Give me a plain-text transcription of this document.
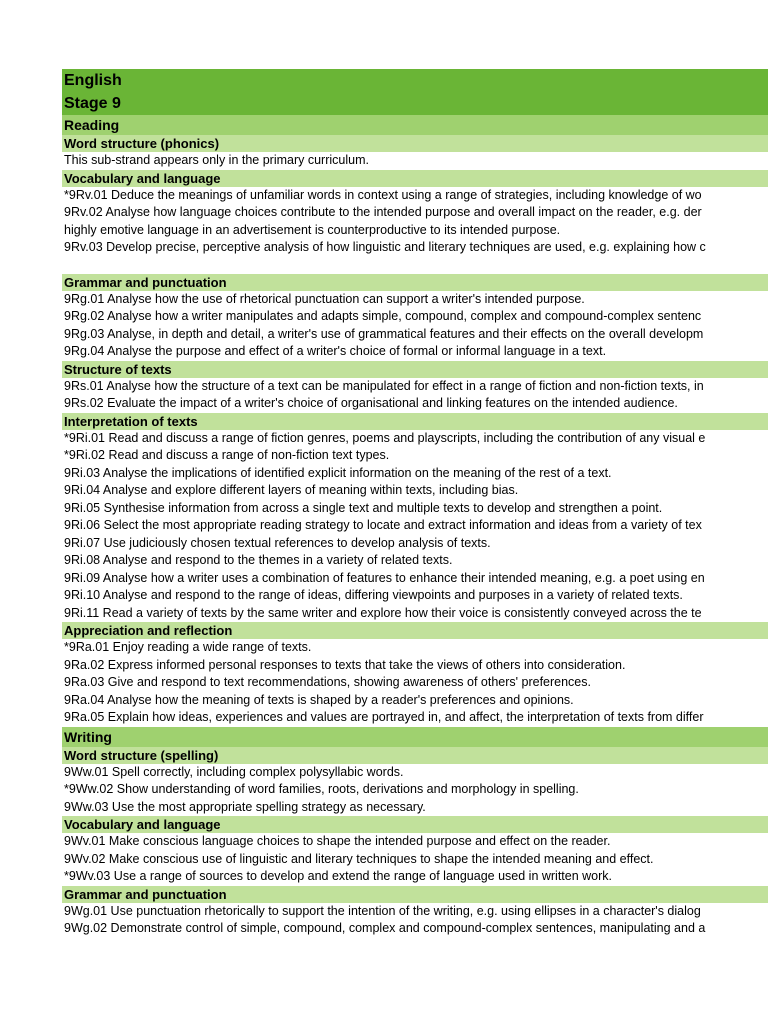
English
Stage 9
Reading
Word structure (phonics)
This sub-strand appears only in the primary curriculum.
Vocabulary and language
*9Rv.01 Deduce the meanings of unfamiliar words in context using a range of strategies, including knowledge of wo
9Rv.02 Analyse how language choices contribute to the intended purpose and overall impact on the reader, e.g. der
highly emotive language in an advertisement is counterproductive to its intended purpose.
9Rv.03 Develop precise, perceptive analysis of how linguistic and literary techniques are used, e.g. explaining how c
Grammar and punctuation
9Rg.01 Analyse how the use of rhetorical punctuation can support a writer's intended purpose.
9Rg.02 Analyse how a writer manipulates and adapts simple, compound, complex and compound-complex sentenc
9Rg.03 Analyse, in depth and detail, a writer's use of grammatical features and their effects on the overall developm
9Rg.04 Analyse the purpose and effect of a writer's choice of formal or informal language in a text.
Structure of texts
9Rs.01 Analyse how the structure of a text can be manipulated for effect in a range of fiction and non-fiction texts, in
9Rs.02 Evaluate the impact of a writer's choice of organisational and linking features on the intended audience.
Interpretation of texts
*9Ri.01 Read and discuss a range of fiction genres, poems and playscripts, including the contribution of any visual e
*9Ri.02 Read and discuss a range of non-fiction text types.
9Ri.03 Analyse the implications of identified explicit information on the meaning of the rest of a text.
9Ri.04 Analyse and explore different layers of meaning within texts, including bias.
9Ri.05 Synthesise information from across a single text and multiple texts to develop and strengthen a point.
9Ri.06 Select the most appropriate reading strategy to locate and extract information and ideas from a variety of tex
9Ri.07 Use judiciously chosen textual references to develop analysis of texts.
9Ri.08 Analyse and respond to the themes in a variety of related texts.
9Ri.09 Analyse how a writer uses a combination of features to enhance their intended meaning, e.g. a poet using en
9Ri.10 Analyse and respond to the range of ideas, differing viewpoints and purposes in a variety of related texts.
9Ri.11 Read a variety of texts by the same writer and explore how their voice is consistently conveyed across the te
Appreciation and reflection
*9Ra.01 Enjoy reading a wide range of texts.
9Ra.02 Express informed personal responses to texts that take the views of others into consideration.
9Ra.03 Give and respond to text recommendations, showing awareness of others' preferences.
9Ra.04 Analyse how the meaning of texts is shaped by a reader's preferences and opinions.
9Ra.05 Explain how ideas, experiences and values are portrayed in, and affect, the interpretation of texts from differ
Writing
Word structure (spelling)
9Ww.01 Spell correctly, including complex polysyllabic words.
*9Ww.02 Show understanding of word families, roots, derivations and morphology in spelling.
9Ww.03 Use the most appropriate spelling strategy as necessary.
Vocabulary and language
9Wv.01 Make conscious language choices to shape the intended purpose and effect on the reader.
9Wv.02 Make conscious use of linguistic and literary techniques to shape the intended meaning and effect.
*9Wv.03 Use a range of sources to develop and extend the range of language used in written work.
Grammar and punctuation
9Wg.01 Use punctuation rhetorically to support the intention of the writing, e.g. using ellipses in a character's dialog
9Wg.02 Demonstrate control of simple, compound, complex and compound-complex sentences, manipulating and a
